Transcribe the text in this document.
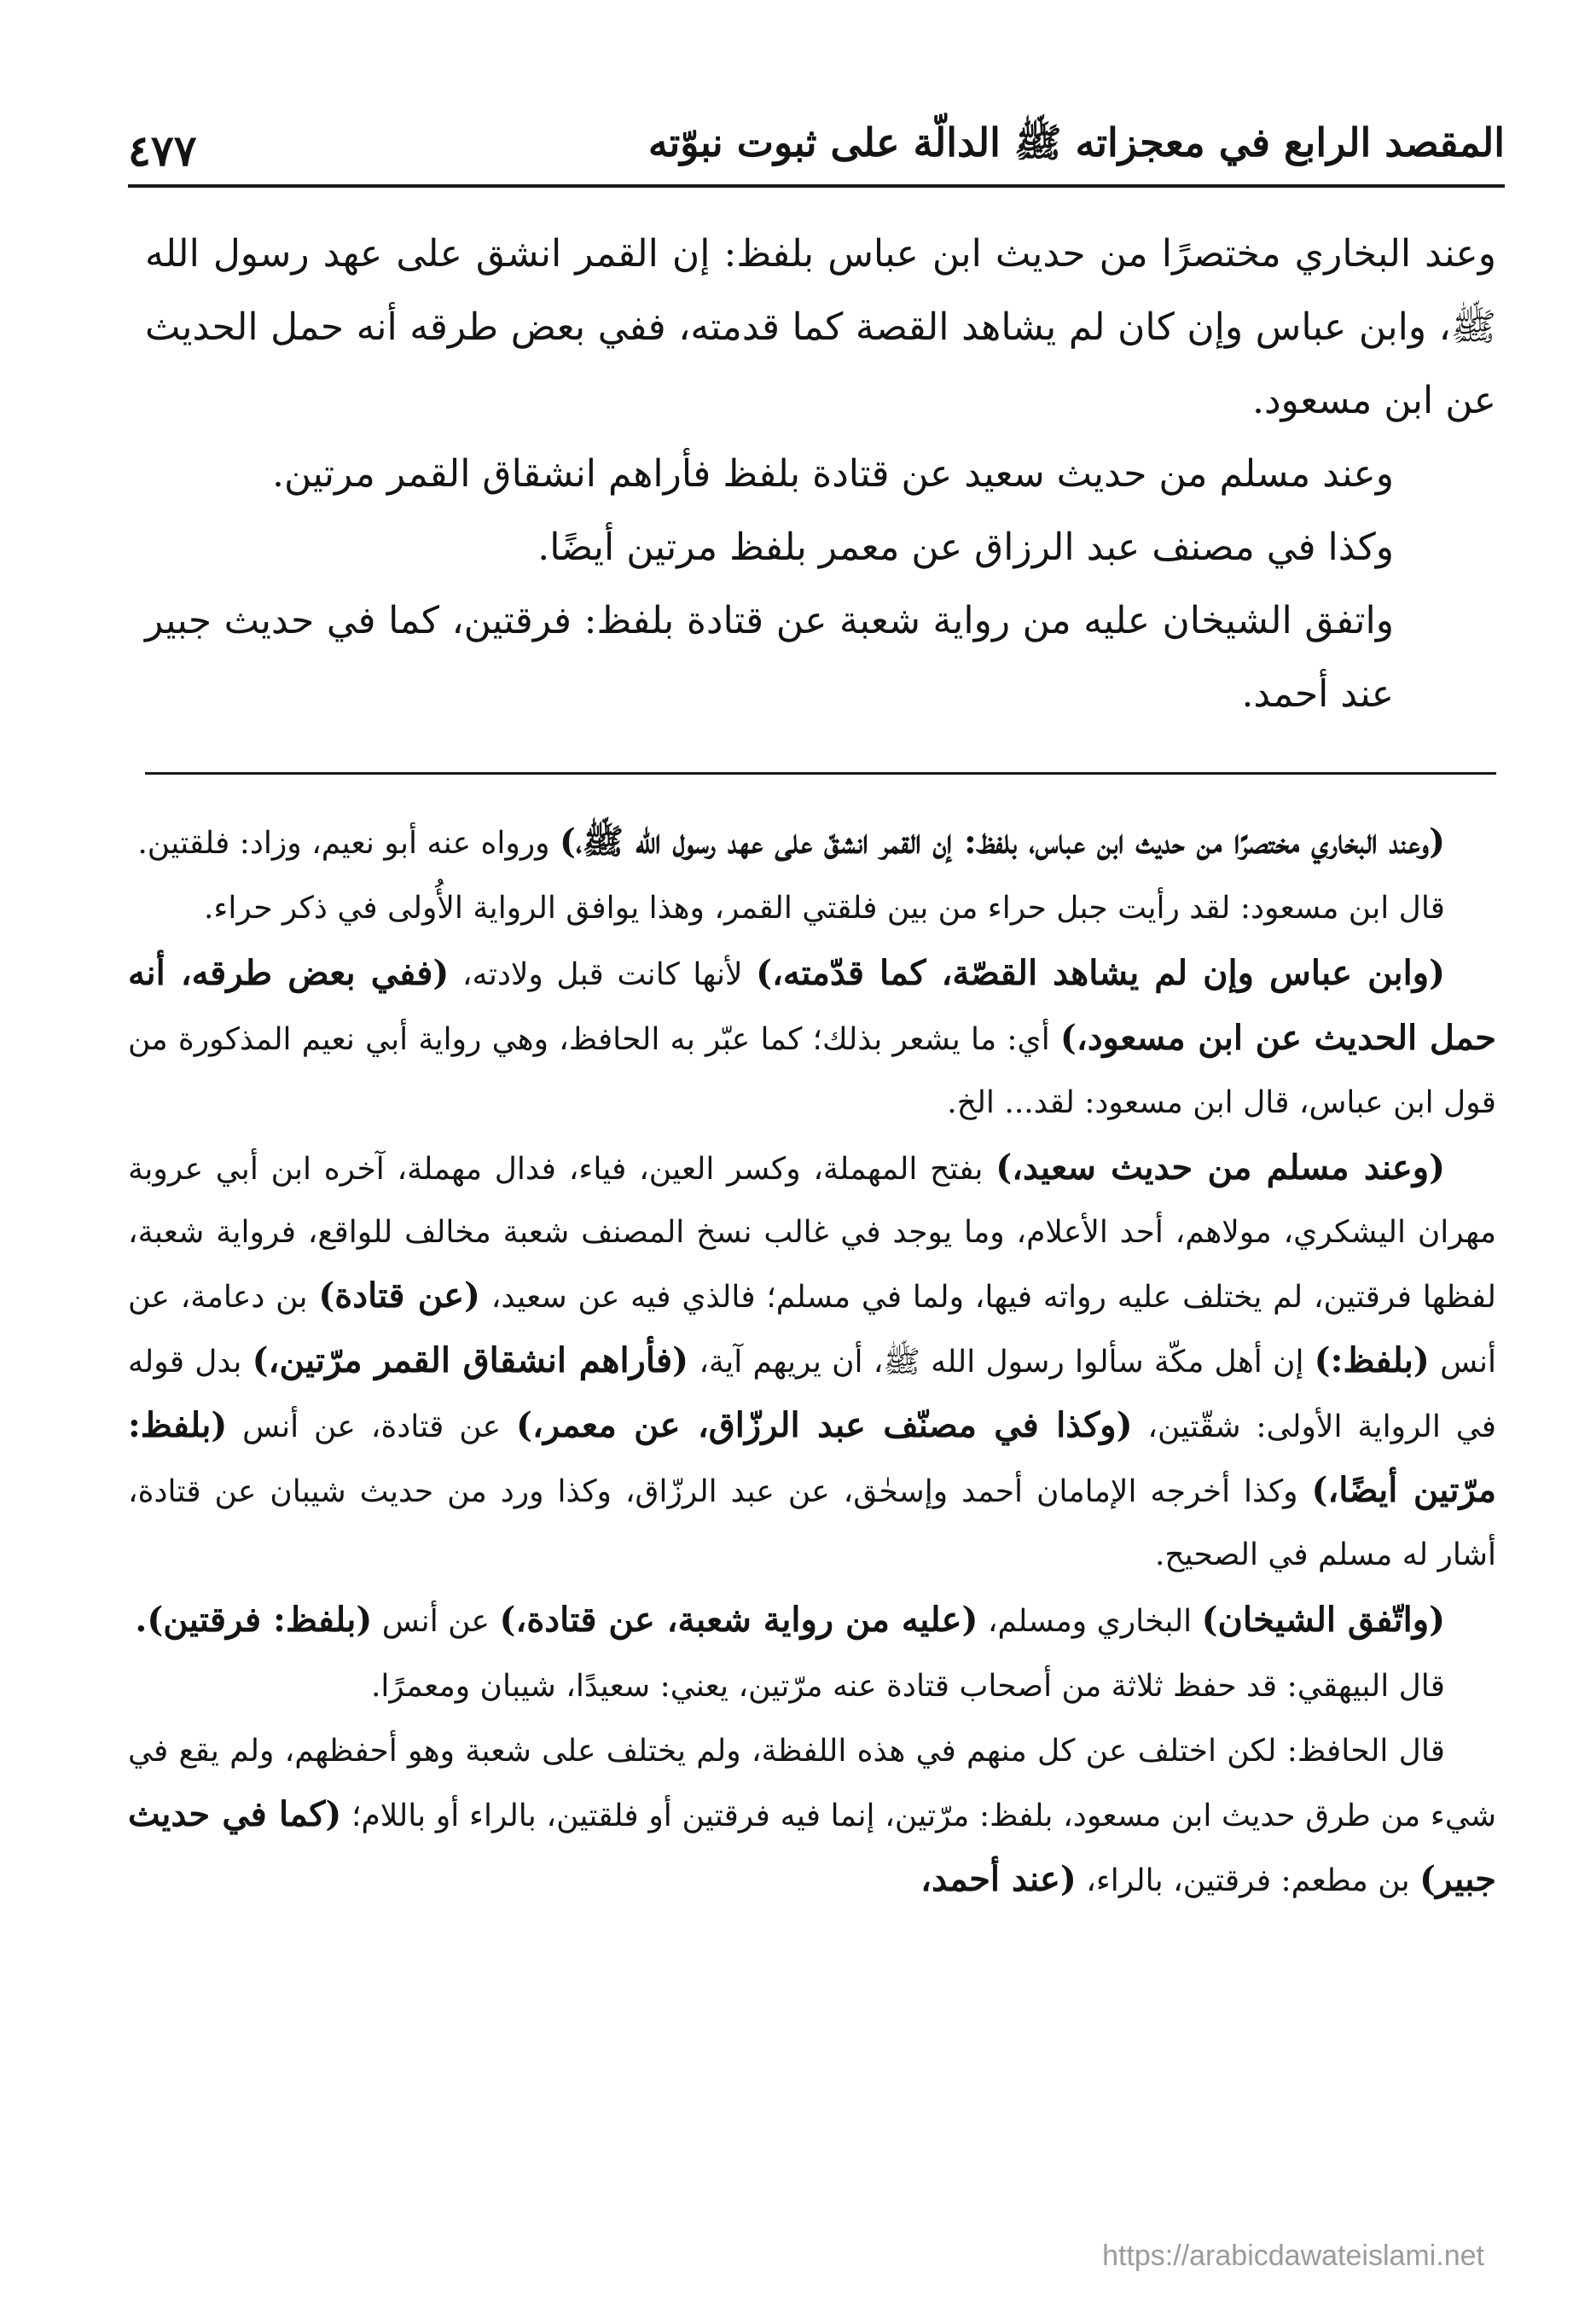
المقصد الرابع في معجزاته ﷺ الدالّة على ثبوت نبوّته
٤٧٧

وعند البخاري مختصرًا من حديث ابن عباس بلفظ: إن القمر انشق على عهد رسول الله ﷺ، وابن عباس وإن كان لم يشاهد القصة كما قدمته، ففي بعض طرقه أنه حمل الحديث عن ابن مسعود.

وعند مسلم من حديث سعيد عن قتادة بلفظ فأراهم انشقاق القمر مرتين.

وكذا في مصنف عبد الرزاق عن معمر بلفظ مرتين أيضًا.

واتفق الشيخان عليه من رواية شعبة عن قتادة بلفظ: فرقتين، كما في حديث جبير عند أحمد.

(وعند البخاري مختصرًا من حديث ابن عباس، بلفظ: إن القمر انشقّ على عهد رسول الله ﷺ،) ورواه عنه أبو نعيم، وزاد: فلقتين.

قال ابن مسعود: لقد رأيت جبل حراء من بين فلقتي القمر، وهذا يوافق الرواية الأُولى في ذكر حراء.

(وابن عباس وإن لم يشاهد القصّة، كما قدّمته،) لأنها كانت قبل ولادته، (ففي بعض طرقه، أنه حمل الحديث عن ابن مسعود،) أي: ما يشعر بذلك؛ كما عبّر به الحافظ، وهي رواية أبي نعيم المذكورة من قول ابن عباس، قال ابن مسعود: لقد... الخ.

(وعند مسلم من حديث سعيد،) بفتح المهملة، وكسر العين، فياء، فدال مهملة، آخره ابن أبي عروبة مهران اليشكري، مولاهم، أحد الأعلام، وما يوجد في غالب نسخ المصنف شعبة مخالف للواقع، فرواية شعبة، لفظها فرقتين، لم يختلف عليه رواته فيها، ولما في مسلم؛ فالذي فيه عن سعيد، (عن قتادة) بن دعامة، عن أنس (بلفظ:) إن أهل مكّة سألوا رسول الله ﷺ، أن يريهم آية، (فأراهم انشقاق القمر مرّتين،) بدل قوله في الرواية الأولى: شقّتين، (وكذا في مصنّف عبد الرزّاق، عن معمر،) عن قتادة، عن أنس (بلفظ: مرّتين أيضًا،) وكذا أخرجه الإمامان أحمد وإسحٰق، عن عبد الرزّاق، وكذا ورد من حديث شيبان عن قتادة، أشار له مسلم في الصحيح.

(واتّفق الشيخان) البخاري ومسلم، (عليه من رواية شعبة، عن قتادة،) عن أنس (بلفظ: فرقتين).

قال البيهقي: قد حفظ ثلاثة من أصحاب قتادة عنه مرّتين، يعني: سعيدًا، شيبان ومعمرًا.

قال الحافظ: لكن اختلف عن كل منهم في هذه اللفظة، ولم يختلف على شعبة وهو أحفظهم، ولم يقع في شيء من طرق حديث ابن مسعود، بلفظ: مرّتين، إنما فيه فرقتين أو فلقتين، بالراء أو باللام؛ (كما في حديث جبير) بن مطعم: فرقتين، بالراء، (عند أحمد،

https://arabicdawateislami.net
